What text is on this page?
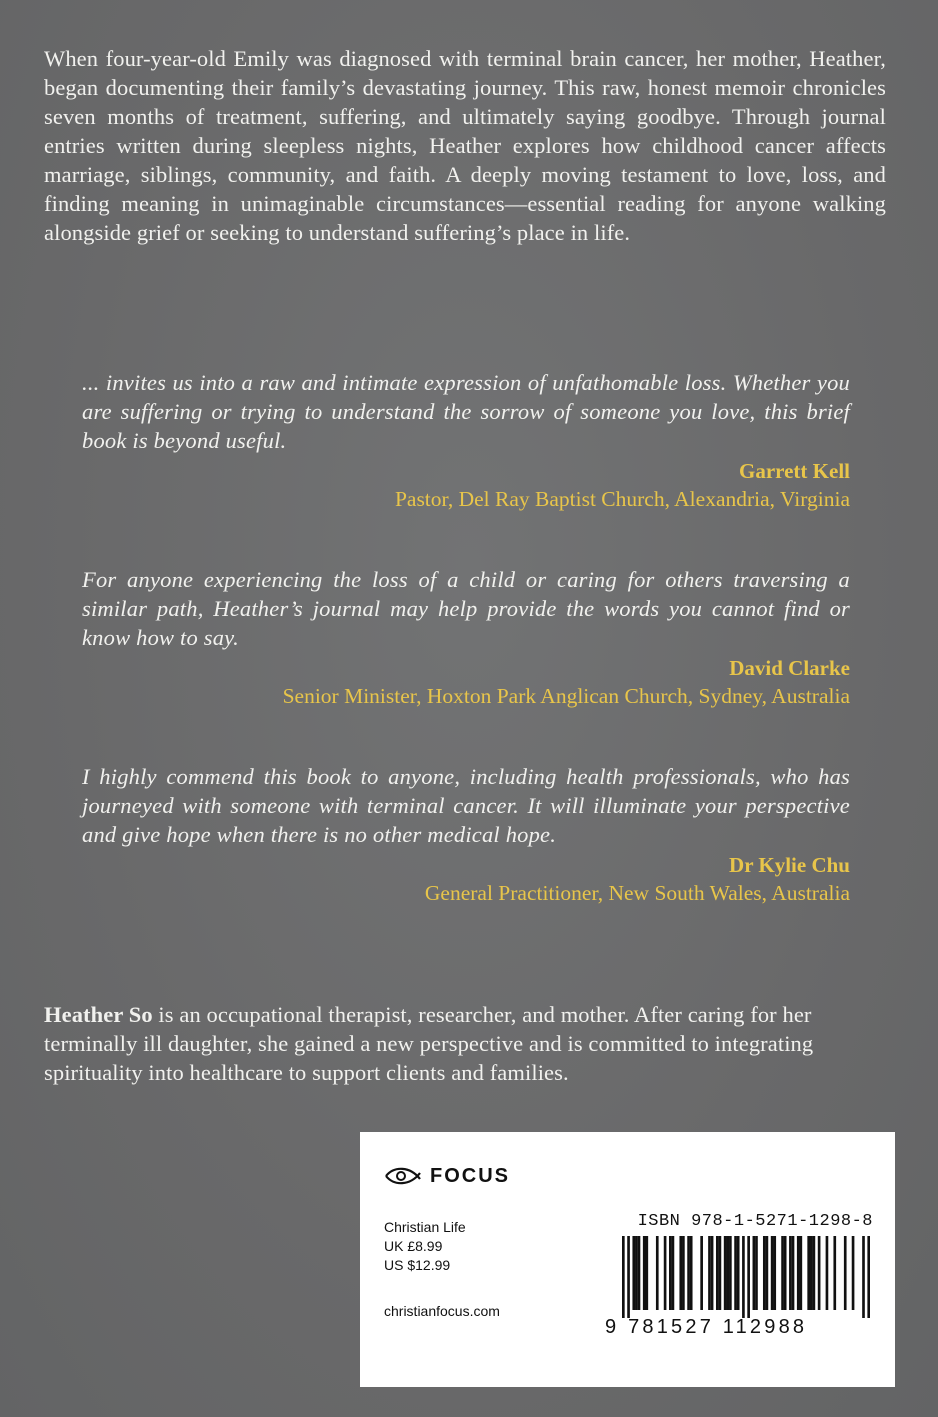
When four-year-old Emily was diagnosed with terminal brain cancer, her mother, Heather, began documenting their family’s devastating journey. This raw, honest memoir chronicles seven months of treatment, suffering, and ultimately saying goodbye. Through journal entries written during sleepless nights, Heather explores how childhood cancer affects marriage, siblings, community, and faith. A deeply moving testament to love, loss, and finding meaning in unimaginable circumstances—essential reading for anyone walking alongside grief or seeking to understand suffering’s place in life.

... invites us into a raw and intimate expression of unfathomable loss. Whether you are suffering or trying to understand the sorrow of someone you love, this brief book is beyond useful.

Garrett Kell
Pastor, Del Ray Baptist Church, Alexandria, Virginia

For anyone experiencing the loss of a child or caring for others traversing a similar path, Heather’s journal may help provide the words you cannot find or know how to say.

David Clarke
Senior Minister, Hoxton Park Anglican Church, Sydney, Australia

I highly commend this book to anyone, including health professionals, who has journeyed with someone with terminal cancer. It will illuminate your perspective and give hope when there is no other medical hope.

Dr Kylie Chu
General Practitioner, New South Wales, Australia

Heather So is an occupational therapist, researcher, and mother. After caring for her terminally ill daughter, she gained a new perspective and is committed to integrating spirituality into healthcare to support clients and families.

FOCUS
Christian Life
UK £8.99
US $12.99
christianfocus.com
ISBN 978-1-5271-1298-8
9 781527 112988
